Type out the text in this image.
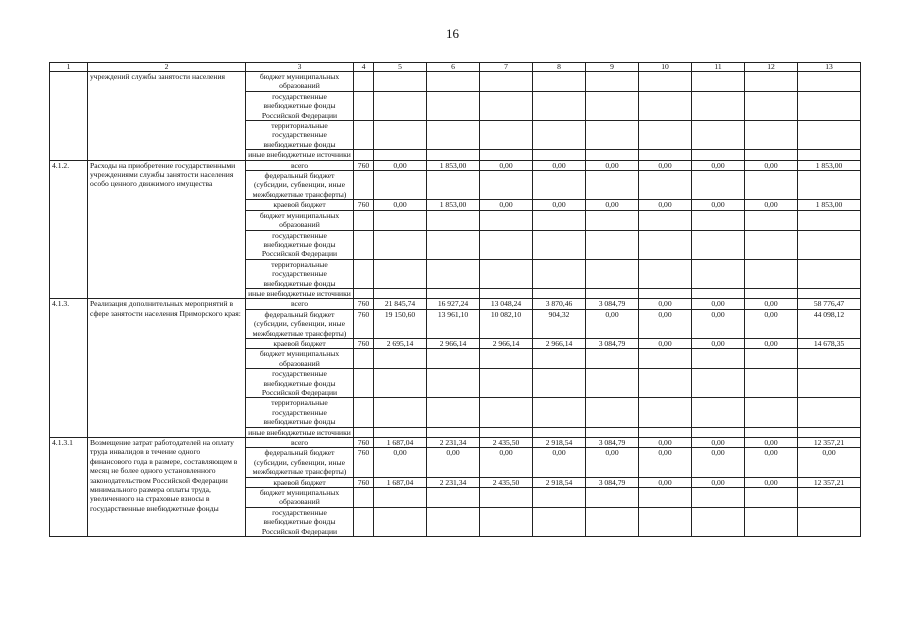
16
1	2	3	4	5	6	7	8	9	10	11	12	13
	учреждений службы занятости населения	бюджет муниципальных образований										
		государственные внебюджетные фонды Российской Федерации										
		территориальные государственные внебюджетные фонды										
		иные внебюджетные источники										
4.1.2.	Расходы на приобретение государственными учреждениями службы занятости населения особо ценного движимого имущества	всего	760	0,00	1 853,00	0,00	0,00	0,00	0,00	0,00	0,00	1 853,00
		федеральный бюджет (субсидии, субвенции, иные межбюджетные трансферты)										
		краевой бюджет	760	0,00	1 853,00	0,00	0,00	0,00	0,00	0,00	0,00	1 853,00
		бюджет муниципальных образований										
		государственные внебюджетные фонды Российской Федерации										
		территориальные государственные внебюджетные фонды										
		иные внебюджетные источники										
4.1.3.	Реализация дополнительных мероприятий в сфере занятости населения Приморского края:	всего	760	21 845,74	16 927,24	13 048,24	3 870,46	3 084,79	0,00	0,00	0,00	58 776,47
		федеральный бюджет (субсидии, субвенции, иные межбюджетные трансферты)	760	19 150,60	13 961,10	10 082,10	904,32	0,00	0,00	0,00	0,00	44 098,12
		краевой бюджет	760	2 695,14	2 966,14	2 966,14	2 966,14	3 084,79	0,00	0,00	0,00	14 678,35
		бюджет муниципальных образований										
		государственные внебюджетные фонды Российской Федерации										
		территориальные государственные внебюджетные фонды										
		иные внебюджетные источники										
4.1.3.1	Возмещение затрат работодателей на оплату труда инвалидов в течение одного финансового года в размере, составляющем в месяц не более одного установленного законодательством Российской Федерации минимального размера оплаты труда, увеличенного на страховые взносы в государственные внебюджетные фонды	всего	760	1 687,04	2 231,34	2 435,50	2 918,54	3 084,79	0,00	0,00	0,00	12 357,21
		федеральный бюджет (субсидии, субвенции, иные межбюджетные трансферты)	760	0,00	0,00	0,00	0,00	0,00	0,00	0,00	0,00	0,00
		краевой бюджет	760	1 687,04	2 231,34	2 435,50	2 918,54	3 084,79	0,00	0,00	0,00	12 357,21
		бюджет муниципальных образований										
		государственные внебюджетные фонды Российской Федерации										
